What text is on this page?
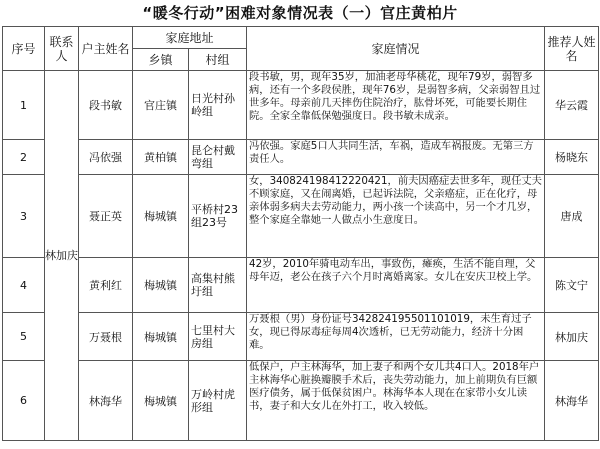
“暖冬行动”困难对象情况表（一）官庄黄柏片
序号	联系人	户主姓名	家庭地址		家庭情况	推荐人姓名
			乡镇	村组		
1	林加庆	段书敏	官庄镇	日光村孙岭组	段书敏，男，现年35岁，加油老母华桃花，现年79岁，弱智多病，还有一个多段侯胜，现年76岁，是弱智多病，父亲弱智且过世多年。母亲前几天摔伤住院治疗，肱骨坏死，可能要长期住院。全家全靠低保勉强度日。段书敏未成亲。	华云霞
2		冯依强	黄柏镇	昆仑村戴弯组	冯依强。家庭5口人共同生活，车祸，造成车祸报废。无第三方责任人。	杨晓东
3		聂正英	梅城镇	平桥村23组23号	女，340824198412220421，前夫因癌症去世多年，现任丈夫不顾家庭，又在闹离婚，已起诉法院，父亲癌症，正在化疗，母亲体弱多病夫去劳动能力，两小孩一个读高中，另一个才几岁，整个家庭全靠她一人做点小生意度日。	唐成
4		黄利红	梅城镇	高集村熊圩组	42岁，2010年骑电动车出，事致伤，瘫痪，生活不能自理，父母年迈，老公在孩子六个月时离婚离家。女儿在安庆卫校上学。	陈文宁
5		万聂根	梅城镇	七里村大房组	万聂根（男）身份证号342824195501101019，未生育过子女，现已得尿毒症每周4次透析，已无劳动能力，经济十分困难。	林加庆
6		林海华	梅城镇	万岭村虎形组	低保户，户主林海华，加上妻子和两个女儿共4口人。2018年户主林海华心脏换瓣膜手术后，丧失劳动能力，加上前期负有巨额医疗债务，属于低保贫困户。林海华本人现在在家带小女儿读书，妻子和大女儿在外打工，收入较低。	林海华
